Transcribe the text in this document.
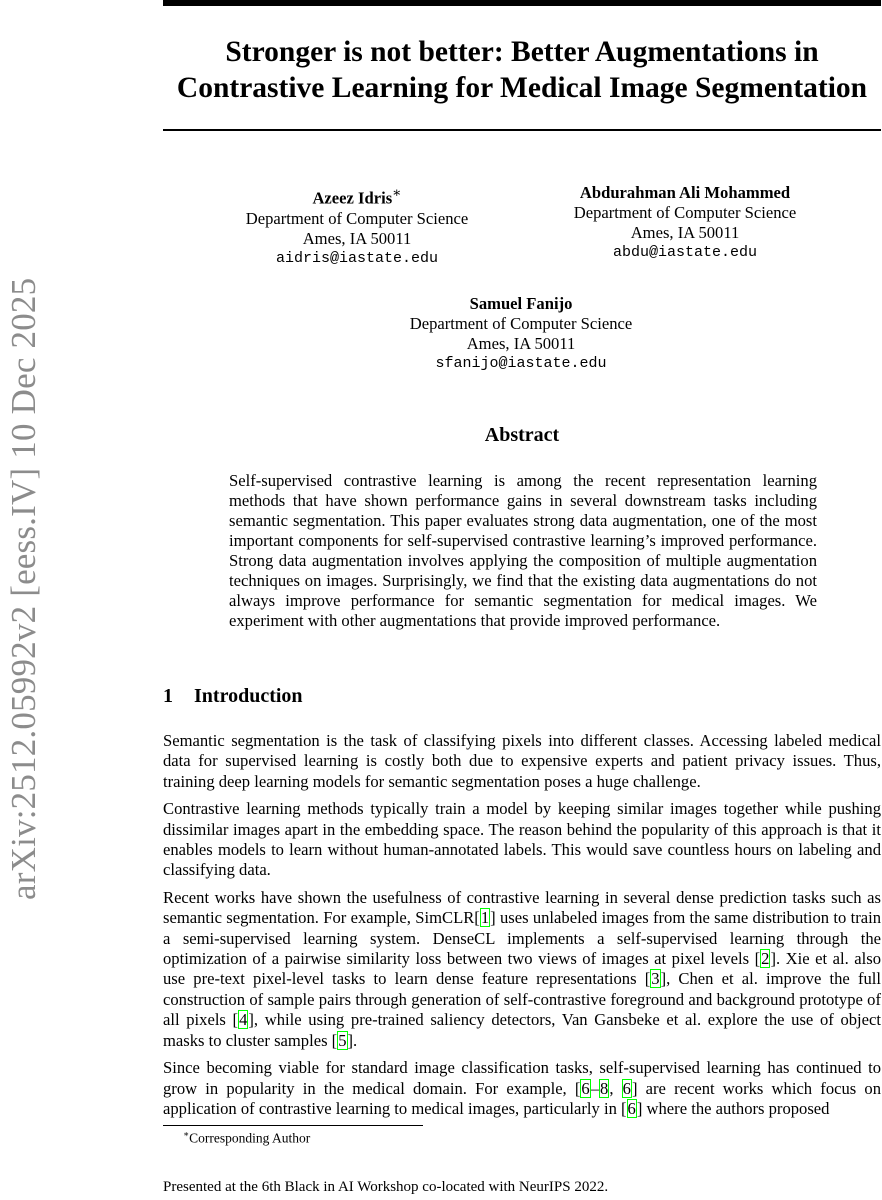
arXiv:2512.05992v2 [eess.IV] 10 Dec 2025
Stronger is not better: Better Augmentations in Contrastive Learning for Medical Image Segmentation
Azeez Idris∗
Department of Computer Science
Ames, IA 50011
aidris@iastate.edu
Abdurahman Ali Mohammed
Department of Computer Science
Ames, IA 50011
abdu@iastate.edu
Samuel Fanijo
Department of Computer Science
Ames, IA 50011
sfanijo@iastate.edu
Abstract
Self-supervised contrastive learning is among the recent representation learning methods that have shown performance gains in several downstream tasks including semantic segmentation. This paper evaluates strong data augmentation, one of the most important components for self-supervised contrastive learning’s improved performance. Strong data augmentation involves applying the composition of multiple augmentation techniques on images. Surprisingly, we find that the existing data augmentations do not always improve performance for semantic segmentation for medical images. We experiment with other augmentations that provide improved performance.
1 Introduction

Semantic segmentation is the task of classifying pixels into different classes. Accessing labeled medical data for supervised learning is costly both due to expensive experts and patient privacy issues. Thus, training deep learning models for semantic segmentation poses a huge challenge.

Contrastive learning methods typically train a model by keeping similar images together while pushing dissimilar images apart in the embedding space. The reason behind the popularity of this approach is that it enables models to learn without human-annotated labels. This would save countless hours on labeling and classifying data.

Recent works have shown the usefulness of contrastive learning in several dense prediction tasks such as semantic segmentation. For example, SimCLR[1] uses unlabeled images from the same distribution to train a semi-supervised learning system. DenseCL implements a self-supervised learning through the optimization of a pairwise similarity loss between two views of images at pixel levels [2]. Xie et al. also use pre-text pixel-level tasks to learn dense feature representations [3], Chen et al. improve the full construction of sample pairs through generation of self-contrastive foreground and background prototype of all pixels [4], while using pre-trained saliency detectors, Van Gansbeke et al. explore the use of object masks to cluster samples [5].

Since becoming viable for standard image classification tasks, self-supervised learning has continued to grow in popularity in the medical domain. For example, [6–8, 6] are recent works which focus on application of contrastive learning to medical images, particularly in [6] where the authors proposed

∗Corresponding Author
Presented at the 6th Black in AI Workshop co-located with NeurIPS 2022.
